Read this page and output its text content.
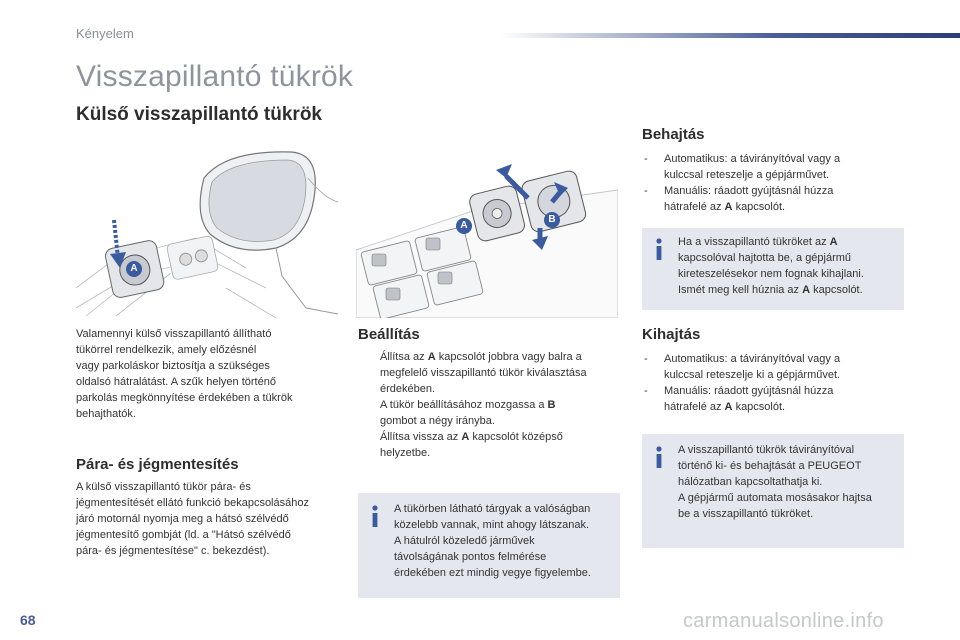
Kényelem
Visszapillantó tükrök
Külső visszapillantó tükrök
A
A
B

Valamennyi külső visszapillantó állítható

tükörrel rendelkezik, amely előzésnél

vagy parkoláskor biztosítja a szükséges

oldalsó hátralátást. A szűk helyen történő

parkolás megkönnyítése érdekében a tükrök

behajthatók.

Pára- és jégmentesítés

A külső visszapillantó tükör pára- és

jégmentesítését ellátó funkció bekapcsolásához

járó motornál nyomja meg a hátsó szélvédő

jégmentesítő gombját (ld. a "Hátsó szélvédő

pára- és jégmentesítése" c. bekezdést).

Beállítás
Állítsa az A kapcsolót jobbra vagy balra a
megfelelő visszapillantó tükör kiválasztása
érdekében.
A tükör beállításához mozgassa a B
gombot a négy irányba.
Állítsa vissza az A kapcsolót középső
helyzetbe.
A tükörben látható tárgyak a valóságban
közelebb vannak, mint ahogy látszanak.
A hátulról közeledő járművek
távolságának pontos felmérése
érdekében ezt mindig vegye figyelembe.
Behajtás
- Automatikus: a távirányítóval vagy a
kulccsal reteszelje a gépjárművet.
- Manuális: ráadott gyújtásnál húzza
hátrafelé az A kapcsolót.
Ha a visszapillantó tükröket az A
kapcsolóval hajtotta be, a gépjármű
kireteszelésekor nem fognak kihajlani.
Ismét meg kell húznia az A kapcsolót.
Kihajtás
- Automatikus: a távirányítóval vagy a
kulccsal reteszelje ki a gépjárművet.
- Manuális: ráadott gyújtásnál húzza
hátrafelé az A kapcsolót.
A visszapillantó tükrök távirányítóval
történő ki- és behajtását a PEUGEOT
hálózatban kapcsoltathatja ki.
A gépjármű automata mosásakor hajtsa
be a visszapillantó tükröket.
68	carmanualsonline.info
